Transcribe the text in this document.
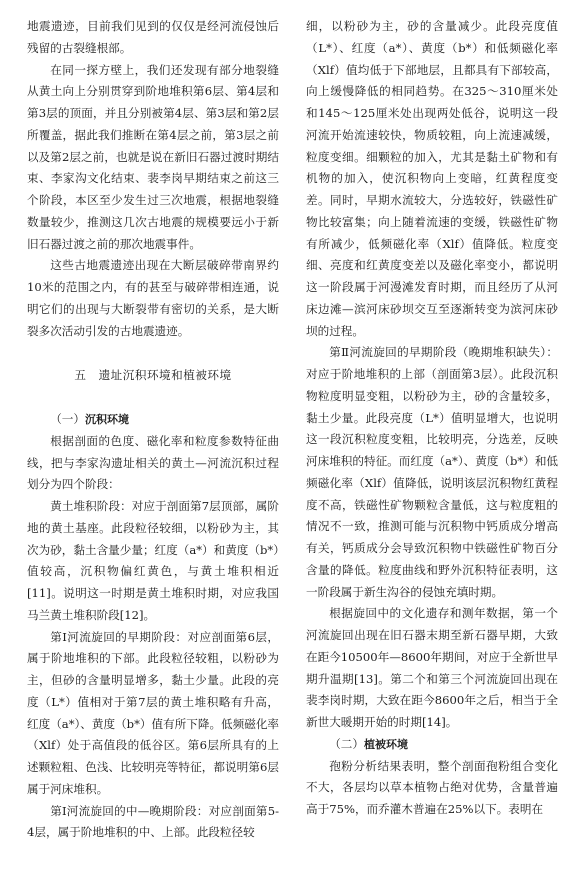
地震遗迹，目前我们见到的仅仅是经河流侵蚀后残留的古裂缝根部。

在同一探方壁上，我们还发现有部分地裂缝从黄土向上分别贯穿到阶地堆积第6层、第4层和第3层的顶面，并且分别被第4层、第3层和第2层所覆盖，据此我们推断在第4层之前，第3层之前以及第2层之前，也就是说在新旧石器过渡时期结束、李家沟文化结束、裴李岗早期结束之前这三个阶段，本区至少发生过三次地震，根据地裂缝数量较少，推测这几次古地震的规模要远小于新旧石器过渡之前的那次地震事件。

这些古地震遗迹出现在大断层破碎带南界约10米的范围之内，有的甚至与破碎带相连通，说明它们的出现与大断裂带有密切的关系，是大断裂多次活动引发的古地震遗迹。

五　遗址沉积环境和植被环境
（一）沉积环境

根据剖面的色度、磁化率和粒度参数特征曲线，把与李家沟遗址相关的黄土—河流沉积过程划分为四个阶段：

黄土堆积阶段：对应于剖面第7层顶部，属阶地的黄土基座。此段粒径较细，以粉砂为主，其次为砂，黏土含量少量；红度（a*）和黄度（b*）值较高，沉积物偏红黄色，与黄土堆积相近[11]。说明这一时期是黄土堆积时期，对应我国马兰黄土堆积阶段[12]。

第Ⅰ河流旋回的早期阶段：对应剖面第6层，属于阶地堆积的下部。此段粒径较粗，以粉砂为主，但砂的含量明显增多，黏土少量。此段的亮度（L*）值相对于第7层的黄土堆积略有升高，红度（a*）、黄度（b*）值有所下降。低频磁化率（Xlf）处于高值段的低谷区。第6层所具有的上述颗粒粗、色浅、比较明亮等特征，都说明第6层属于河床堆积。

第Ⅰ河流旋回的中—晚期阶段：对应剖面第5-4层，属于阶地堆积的中、上部。此段粒径较

细，以粉砂为主，砂的含量减少。此段亮度值（L*）、红度（a*）、黄度（b*）和低频磁化率（Xlf）值均低于下部地层，且都具有下部较高，向上缓慢降低的相同趋势。在325～310厘米处和145～125厘米处出现两处低谷，说明这一段河流开始流速较快，物质较粗，向上流速减缓，粒度变细。细颗粒的加入，尤其是黏土矿物和有机物的加入，使沉积物向上变暗，红黄程度变差。同时，早期水流较大，分选较好，铁磁性矿物比较富集；向上随着流速的变缓，铁磁性矿物有所减少，低频磁化率（Xlf）值降低。粒度变细、亮度和红黄度变差以及磁化率变小，都说明这一阶段属于河漫滩发育时期，而且经历了从河床边滩—滨河床砂坝交互至逐渐转变为滨河床砂坝的过程。

第Ⅱ河流旋回的早期阶段（晚期堆积缺失）：对应于阶地堆积的上部（剖面第3层）。此段沉积物粒度明显变粗，以粉砂为主，砂的含量较多，黏土少量。此段亮度（L*）值明显增大，也说明这一段沉积粒度变粗，比较明亮，分选差，反映河床堆积的特征。而红度（a*）、黄度（b*）和低频磁化率（Xlf）值降低，说明该层沉积物红黄程度不高，铁磁性矿物颗粒含量低，这与粒度粗的情况不一致，推测可能与沉积物中钙质成分增高有关，钙质成分会导致沉积物中铁磁性矿物百分含量的降低。粒度曲线和野外沉积特征表明，这一阶段属于新生沟谷的侵蚀充填时期。

根据旋回中的文化遗存和测年数据，第一个河流旋回出现在旧石器末期至新石器早期，大致在距今10500年—8600年期间，对应于全新世早期升温期[13]。第二个和第三个河流旋回出现在裴李岗时期，大致在距今8600年之后，相当于全新世大暖期开始的时期[14]。

（二）植被环境

孢粉分析结果表明，整个剖面孢粉组合变化不大，各层均以草本植物占绝对优势，含量普遍高于75%，而乔灌木普遍在25%以下。表明在
